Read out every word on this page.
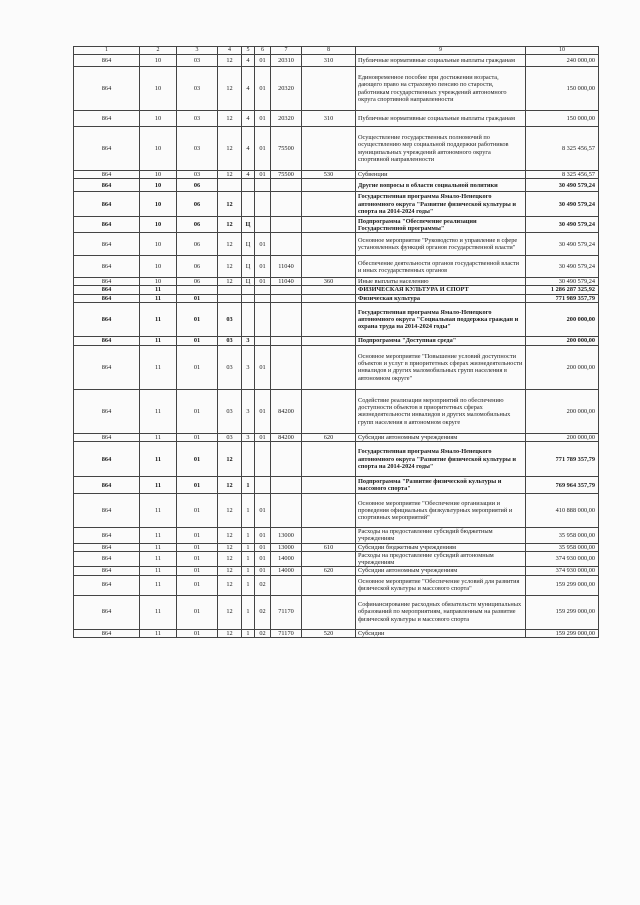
1	2	3	4	5	6	7	8	9	10
864	10	03	12	4	01	20310	310	Публичные нормативные социальные выплаты гражданам	240 000,00
864	10	03	12	4	01	20320		Единовременное пособие при достижении возраста, дающего право на страховую пенсию по старости, работникам государственных учреждений автономного округа спортивной направленности	150 000,00
864	10	03	12	4	01	20320	310	Публичные нормативные социальные выплаты гражданам	150 000,00
864	10	03	12	4	01	75500		Осуществление государственных полномочий по осуществлению мер социальной поддержки работников муниципальных учреждений автономного округа спортивной направленности	8 325 456,57
864	10	03	12	4	01	75500	530	Субвенции	8 325 456,57
864	10	06						Другие вопросы в области социальной политики	30 490 579,24
864	10	06	12					Государственная программа Ямало-Ненецкого автономного округа "Развитие физической культуры и спорта на 2014-2024 годы"	30 490 579,24
864	10	06	12	Ц				Подпрограмма "Обеспечение реализации Государственной программы"	30 490 579,24
864	10	06	12	Ц	01			Основное мероприятие "Руководство и управление в сфере установленных функций органов государственной власти"	30 490 579,24
864	10	06	12	Ц	01	11040		Обеспечение деятельности органов государственной власти и иных государственных органов	30 490 579,24
864	10	06	12	Ц	01	11040	360	Иные выплаты населению	30 490 579,24
864	11							ФИЗИЧЕСКАЯ КУЛЬТУРА И СПОРТ	1 286 287 325,92
864	11	01						Физическая культура	771 989 357,79
864	11	01	03					Государственная программа Ямало-Ненецкого автономного округа "Социальная поддержка граждан и охрана труда на 2014-2024 годы"	200 000,00
864	11	01	03	3				Подпрограмма "Доступная среда"	200 000,00
864	11	01	03	3	01			Основное мероприятие "Повышение условий доступности объектов и услуг в приоритетных сферах жизнедеятельности инвалидов и других маломобильных групп населения в автономном округе"	200 000,00
864	11	01	03	3	01	84200		Содействие реализации мероприятий по обеспечению доступности объектов в приоритетных сферах жизнедеятельности инвалидов и других маломобильных групп населения в автономном округе	200 000,00
864	11	01	03	3	01	84200	620	Субсидии автономным учреждениям	200 000,00
864	11	01	12					Государственная программа Ямало-Ненецкого автономного округа "Развитие физической культуры и спорта на 2014-2024 годы"	771 789 357,79
864	11	01	12	1				Подпрограмма "Развитие физической культуры и массового спорта"	769 964 357,79
864	11	01	12	1	01			Основное мероприятие "Обеспечение организации и проведения официальных физкультурных мероприятий и спортивных мероприятий"	410 888 000,00
864	11	01	12	1	01	13000		Расходы на предоставление субсидий бюджетным учреждениям	35 958 000,00
864	11	01	12	1	01	13000	610	Субсидии бюджетным учреждениям	35 958 000,00
864	11	01	12	1	01	14000		Расходы на предоставление субсидий автономным учреждениям	374 930 000,00
864	11	01	12	1	01	14000	620	Субсидии автономным учреждениям	374 930 000,00
864	11	01	12	1	02			Основное мероприятие "Обеспечение условий для развития физической культуры и массового спорта"	159 299 000,00
864	11	01	12	1	02	71170		Софинансирование расходных обязательств муниципальных образований по мероприятиям, направленным на развитие физической культуры и массового спорта	159 299 000,00
864	11	01	12	1	02	71170	520	Субсидии	159 299 000,00
